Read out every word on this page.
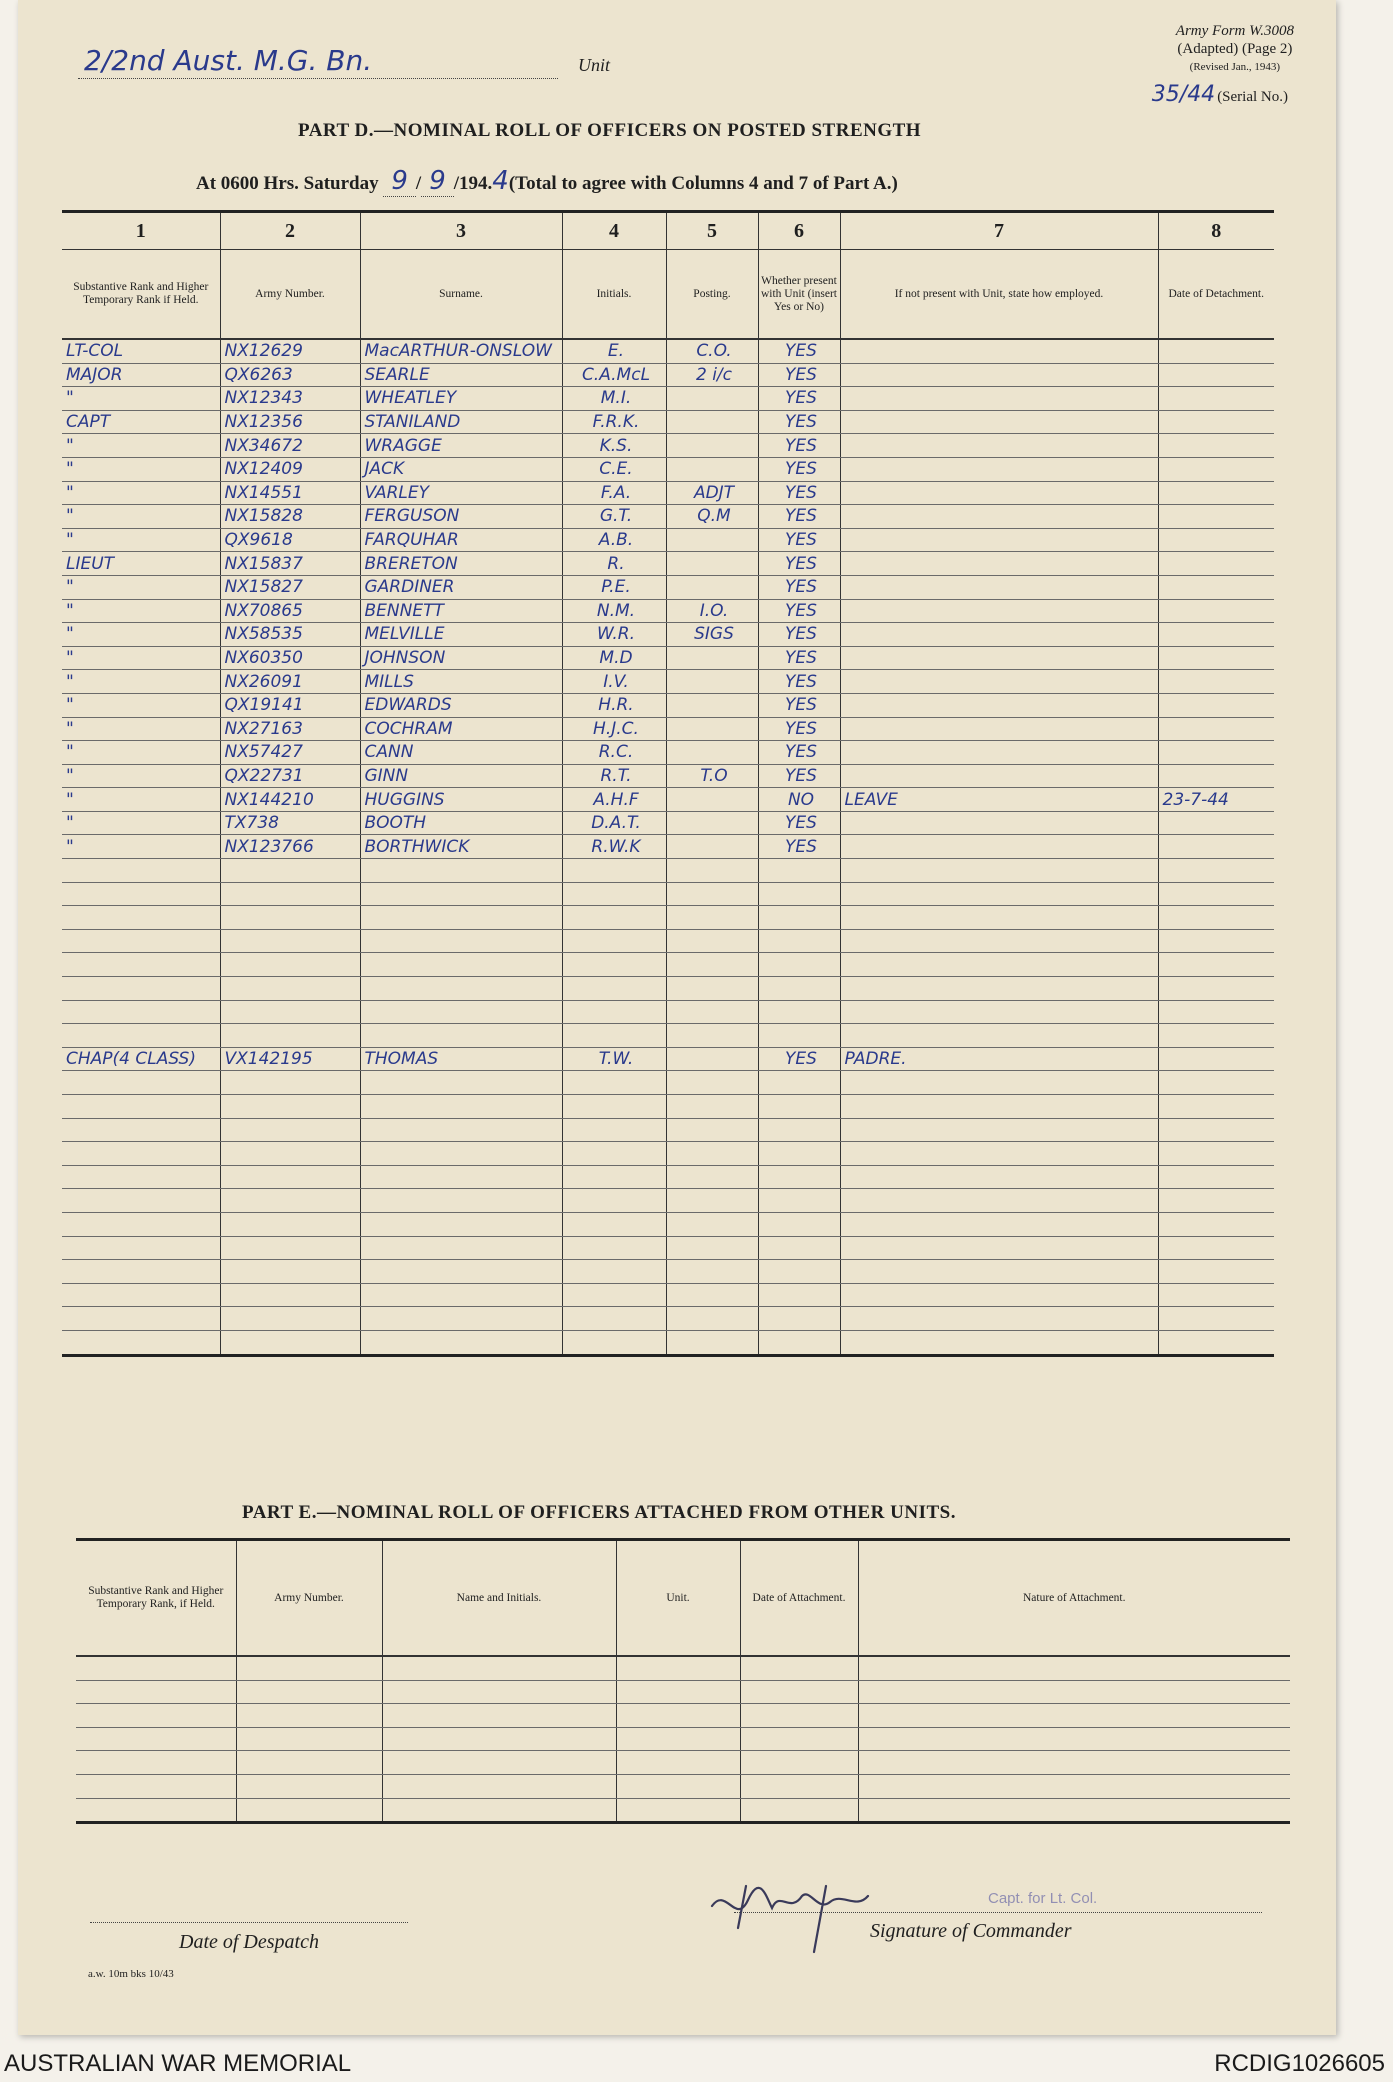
2/2nd Aust. M.G. Bn.	Unit
Army Form W.3008
(Adapted) (Page 2)
(Revised Jan., 1943)
35/44 (Serial No.)
PART D.—NOMINAL ROLL OF OFFICERS ON POSTED STRENGTH
At 0600 Hrs. Saturday 9 / 9 /194.4(Total to agree with Columns 4 and 7 of Part A.)
1	2	3	4	5	6	7	8
Substantive Rank and Higher Temporary Rank if Held.	Army Number.	Surname.	Initials.	Posting.	Whether present with Unit (insert Yes or No)	If not present with Unit, state how employed.	Date of Detachment.
LT-COL	NX12629	MacARTHUR-ONSLOW	E.	C.O.	YES		
MAJOR	QX6263	SEARLE	C.A.McL	2 i/c	YES		
"	NX12343	WHEATLEY	M.I.		YES		
CAPT	NX12356	STANILAND	F.R.K.		YES		
"	NX34672	WRAGGE	K.S.		YES		
"	NX12409	JACK	C.E.		YES		
"	NX14551	VARLEY	F.A.	ADJT	YES		
"	NX15828	FERGUSON	G.T.	Q.M	YES		
"	QX9618	FARQUHAR	A.B.		YES		
LIEUT	NX15837	BRERETON	R.		YES		
"	NX15827	GARDINER	P.E.		YES		
"	NX70865	BENNETT	N.M.	I.O.	YES		
"	NX58535	MELVILLE	W.R.	SIGS	YES		
"	NX60350	JOHNSON	M.D		YES		
"	NX26091	MILLS	I.V.		YES		
"	QX19141	EDWARDS	H.R.		YES		
"	NX27163	COCHRAM	H.J.C.		YES		
"	NX57427	CANN	R.C.		YES		
"	QX22731	GINN	R.T.	T.O	YES		
"	NX144210	HUGGINS	A.H.F		NO	LEAVE	23-7-44
"	TX738	BOOTH	D.A.T.		YES		
"	NX123766	BORTHWICK	R.W.K		YES		

CHAP(4 CLASS)	VX142195	THOMAS	T.W.		YES	PADRE.	

PART E.—NOMINAL ROLL OF OFFICERS ATTACHED FROM OTHER UNITS.
Substantive Rank and Higher Temporary Rank, if Held.	Army Number.	Name and Initials.	Unit.	Date of Attachment.	Nature of Attachment.

Date of Despatch
Capt. for Lt. Col.
Signature of Commander
a.w. 10m bks 10/43
AUSTRALIAN WAR MEMORIAL	RCDIG1026605
